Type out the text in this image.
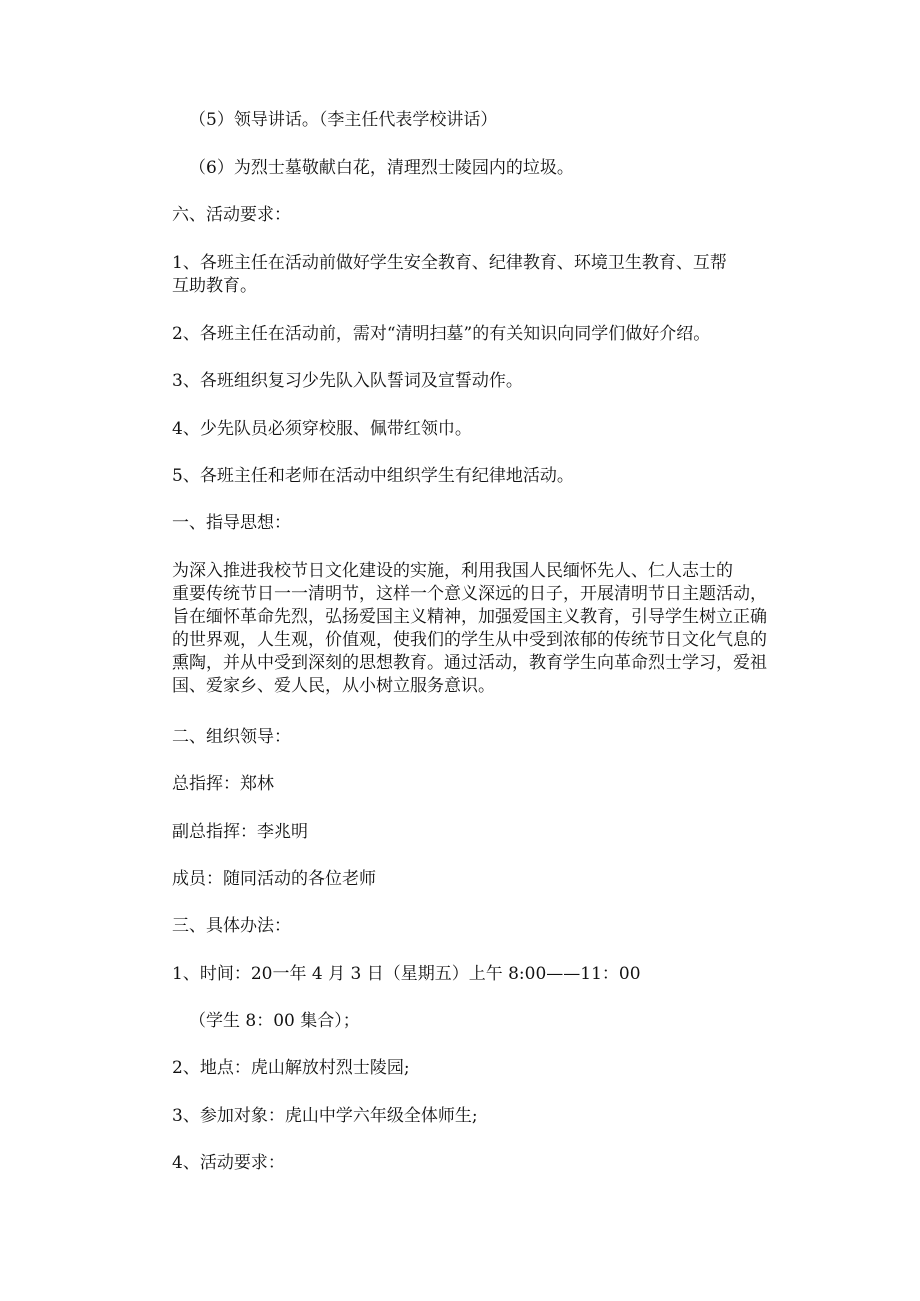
（5）领导讲话。（李主任代表学校讲话）

（6）为烈士墓敬献白花，清理烈士陵园内的垃圾。

六、活动要求：

1、各班主任在活动前做好学生安全教育、纪律教育、环境卫生教育、互帮
互助教育。

2、各班主任在活动前，需对“清明扫墓”的有关知识向同学们做好介绍。

3、各班组织复习少先队入队誓词及宣誓动作。

4、少先队员必须穿校服、佩带红领巾。

5、各班主任和老师在活动中组织学生有纪律地活动。

一、指导思想：

为深入推进我校节日文化建设的实施，利用我国人民缅怀先人、仁人志士的
重要传统节日一一清明节，这样一个意义深远的日子，开展清明节日主题活动，
旨在缅怀革命先烈，弘扬爱国主义精神，加强爱国主义教育，引导学生树立正确
的世界观，人生观，价值观，使我们的学生从中受到浓郁的传统节日文化气息的
熏陶，并从中受到深刻的思想教育。通过活动，教育学生向革命烈士学习，爱祖
国、爱家乡、爱人民，从小树立服务意识。

二、组织领导：

总指挥：郑林

副总指挥：李兆明

成员：随同活动的各位老师

三、具体办法：

1、时间：20一年 4 月 3 日（星期五）上午 8:00——11：00

（学生 8：00 集合）；

2、地点：虎山解放村烈士陵园;

3、参加对象：虎山中学六年级全体师生;

4、活动要求：
